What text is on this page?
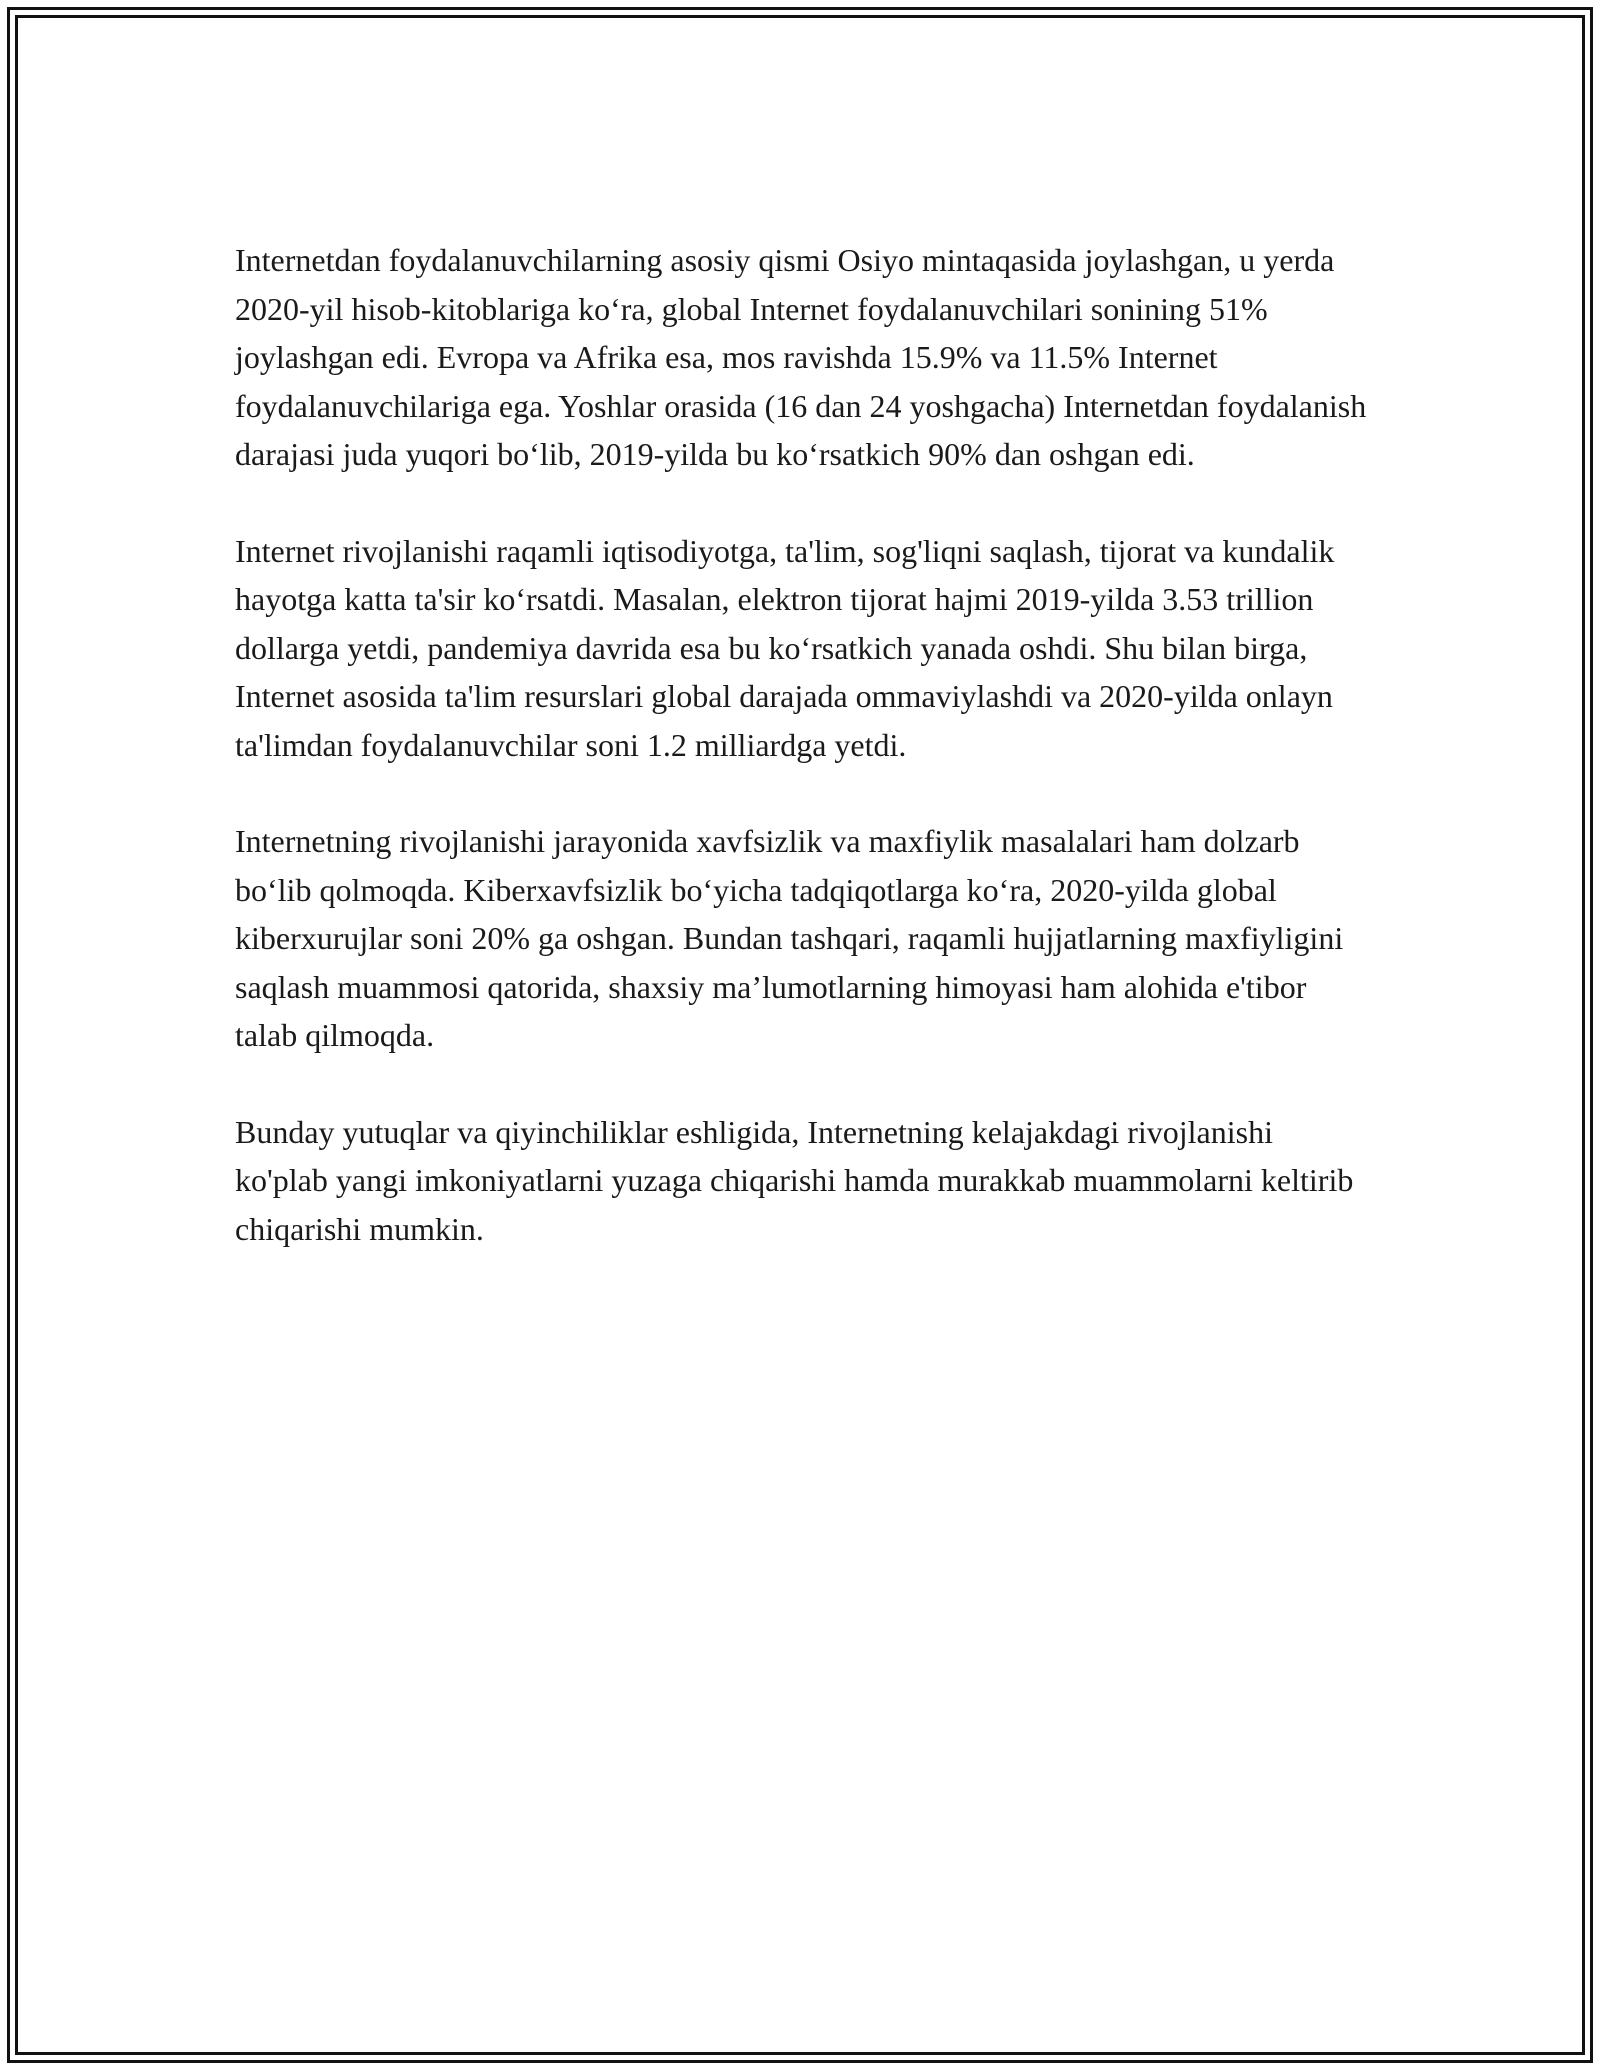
Internetdan foydalanuvchilarning asosiy qismi Osiyo mintaqasida joylashgan, u yerda 2020-yil hisob-kitoblariga ko‘ra, global Internet foydalanuvchilari sonining 51% joylashgan edi. Evropa va Afrika esa, mos ravishda 15.9% va 11.5% Internet foydalanuvchilariga ega. Yoshlar orasida (16 dan 24 yoshgacha) Internetdan foydalanish darajasi juda yuqori bo‘lib, 2019-yilda bu ko‘rsatkich 90% dan oshgan edi.

Internet rivojlanishi raqamli iqtisodiyotga, ta'lim, sog'liqni saqlash, tijorat va kundalik hayotga katta ta'sir ko‘rsatdi. Masalan, elektron tijorat hajmi 2019-yilda 3.53 trillion dollarga yetdi, pandemiya davrida esa bu ko‘rsatkich yanada oshdi. Shu bilan birga, Internet asosida ta'lim resurslari global darajada ommaviylashdi va 2020-yilda onlayn ta'limdan foydalanuvchilar soni 1.2 milliardga yetdi.

Internetning rivojlanishi jarayonida xavfsizlik va maxfiylik masalalari ham dolzarb bo‘lib qolmoqda. Kiberxavfsizlik bo‘yicha tadqiqotlarga ko‘ra, 2020-yilda global kiberxurujlar soni 20% ga oshgan. Bundan tashqari, raqamli hujjatlarning maxfiyligini saqlash muammosi qatorida, shaxsiy ma’lumotlarning himoyasi ham alohida e'tibor talab qilmoqda.

Bunday yutuqlar va qiyinchiliklar eshligida, Internetning kelajakdagi rivojlanishi ko'plab yangi imkoniyatlarni yuzaga chiqarishi hamda murakkab muammolarni keltirib chiqarishi mumkin.
